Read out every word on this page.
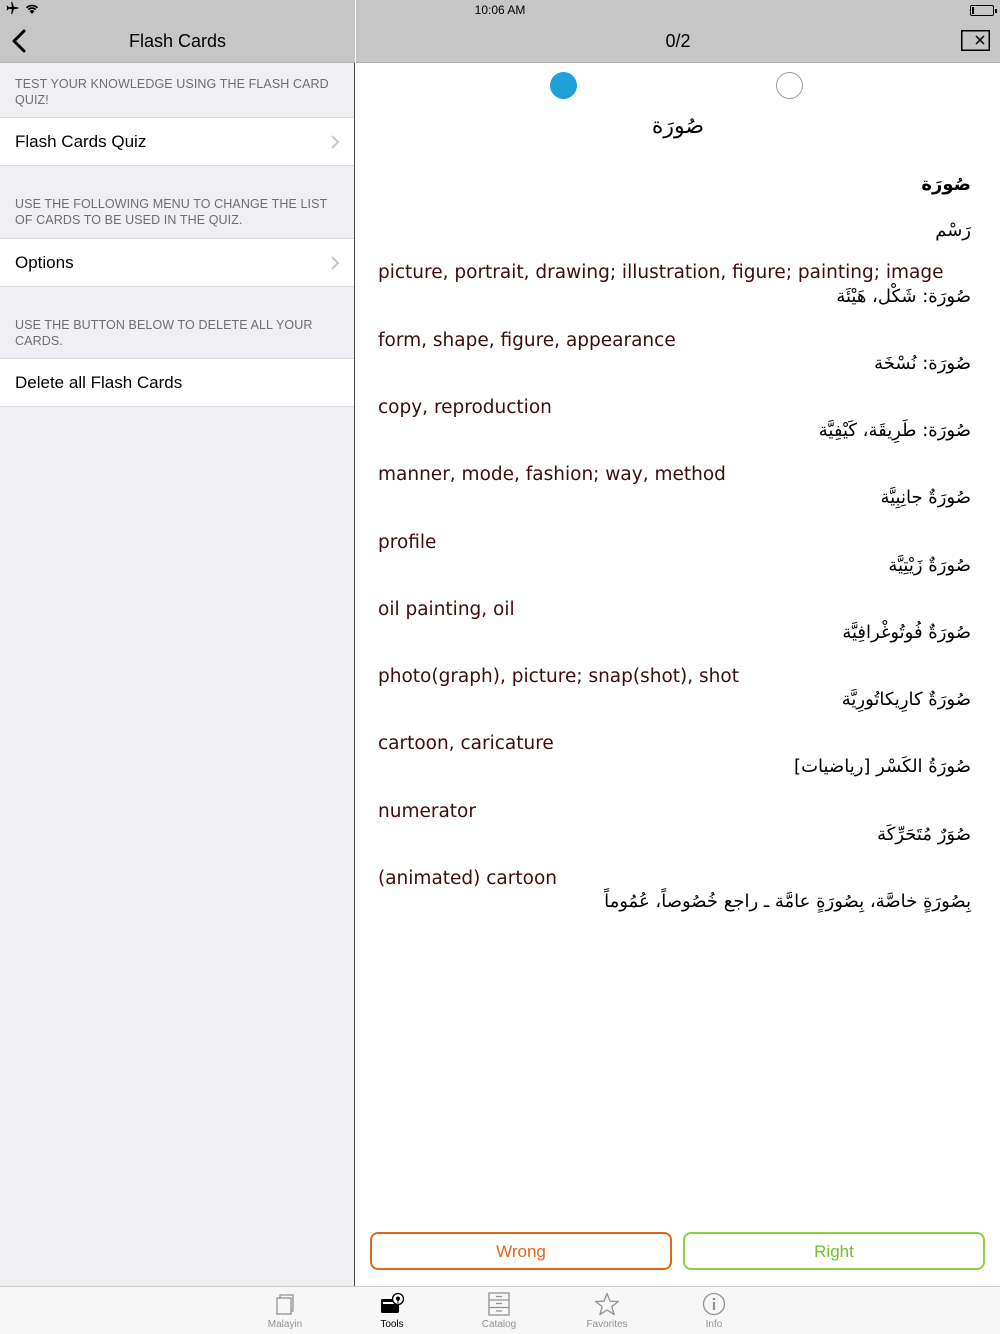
10:06 AM
Flash Cards
TEST YOUR KNOWLEDGE USING THE FLASH CARD QUIZ!
Flash Cards Quiz
USE THE FOLLOWING MENU TO CHANGE THE LIST OF CARDS TO BE USED IN THE QUIZ.
Options
USE THE BUTTON BELOW TO DELETE ALL YOUR CARDS.
Delete all Flash Cards
0/2
صُورَة
صُورَة
رَسْم
picture, portrait, drawing; illustration, figure; painting; image
صُورَة: شَكْل، هَيْئَة
form, shape, figure, appearance
صُورَة: نُسْخَة
copy, reproduction
صُورَة: طَرِيقَة، كَيْفِيَّة
manner, mode, fashion; way, method
صُورَةٌ جانِبِيَّة
profile
صُورَةٌ زَيْتِيَّة
oil painting, oil
صُورَةٌ فُوتُوغْرافِيَّة
photo(graph), picture; snap(shot), shot
صُورَةٌ كارِيكاتُورِيَّة
cartoon, caricature
صُورَةُ الكَسْر [رياضيات]
numerator
صُوَرٌ مُتَحَرِّكَة
(animated) cartoon
بِصُورَةٍ خاصَّة، بِصُورَةٍ عامَّة ـ راجع خُصُوصاً، عُمُوماً
Wrong	Right
Malayin	Tools	Catalog	Favorites	Info
